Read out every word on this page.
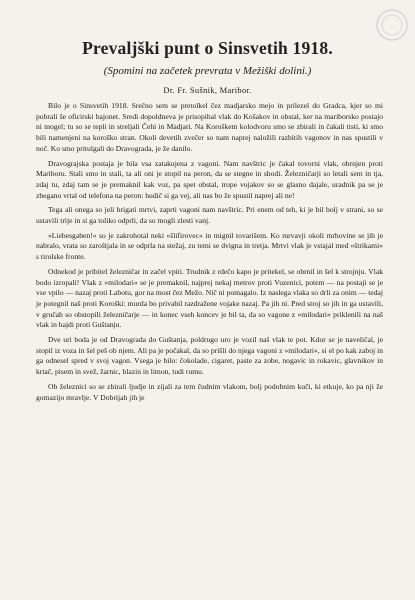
Prevaljški punt o Sinsvetih 1918.

(Spomini na začetek prevrata v Mežiški dolini.)

Dr. Fr. Sušnik, Maribor.

Bilo je o Sinsvetih 1918. Srečno sem se pretolkel čez madjarsko mejo in prilezel do Gradca, kjer so mi pobrali še oficirski bajonet. Sredi dopoldneva je prisopihal vlak do Košakov in obstal, ker na mariborsko postajo ni mogel; tu so se tepli in streljali Čehi in Madjari. Na Koroškem kolodvoru smo se zbirali in čakali tisti, ki smo bili namenjeni na koroško stran. Okoli devetih zvečer so nam naprej naložili razbitih vagonov in nas spustili v noč. Ko smo pritulgali do Dravograda, je že danilo.

Dravograjska postaja je bila vsa zatakujena z vagoni. Nam navštric je čakal tovorni vlak, obrnjen proti Mariboru. Stali smo in stali, ta ali oni je stopil na peron, da se stegne in shodi. Železničarji so letali sem in tja, zdaj tu, zdaj tam se je premaknil kak voz, pa spet obstal, trope vojakov so se glasno dajale, uradnik pa se je zbegano vrtal od telefona na peron: hudič si ga vej, ali nas bo že spustil naprej ali ne!

Tega ali onega so jeli brigati mrtvi, zaprti vagoni nam navštric. Pri enem od teh, ki je bil bolj v strani, so se ustavili trije in si ga toliko odprli, da so mogli zlesti vanj.

»Liebesgaben!« so je zakrohotal neki »šlifirovec« in mignil tovarišem. Ko mrvavji okoli mrhovine se jih je nabralo, vrata so zaroštjala in se odprla na stežaj, zu temi se dvigna in tretja. Mrtvi vlak je vstajal med »štrikami« s tirolske fronte.

Odnekod je pribitel železničar in začel vpiti. Trudnik z rdečo kapo je pritekel, se obrnil in šel k strojnju. Vlak bodo izropali! Vlak z »milodari« se je premaknil, najprej nekaj metrov proti Vuzenici, potem — na postaji se je vse vpilo — nazaj proti Labotu, gor na most čez Mežo. Nič ni pomagalo. Iz naslega vlaka so drli za onim — tedaj je potegnil naš proti Koroški: murda bo privabil razdražene vojake nazaj. Pa jih ni. Pred stroj so jih in ga ustavili, v gručah so obstopili železničarje — in konec vseh koncev je bil ta, da so vagone z »milodari« priklenili na naš vlak in hajdi proti Guštanju.

Dve uri boda je od Dravograda do Guštanja, poldrugo uro je vozil naš vlak te pot. Kdor se je naveličal, je stopil iz voza in šel peš ob njem. Ali pa je počakal, da so prišli do njega vagoni z »milodari«, si el po kak zaboj in ga odnesel spred v svoj vagon. Vsega je bilo: čokolade, cigaret, paste za zobe, nogavic in rokavic, glavnikov in krtač, pisem in svež, žarnic, blazin in limon, tudi rumu.

Ob železnici so se zbirali ljudje in zijali za tem čudnim vlakom, bolj podobnim kuči, ki etkuje, ko pa nji že gomazijo mravlje. V Dobrijah jih je
